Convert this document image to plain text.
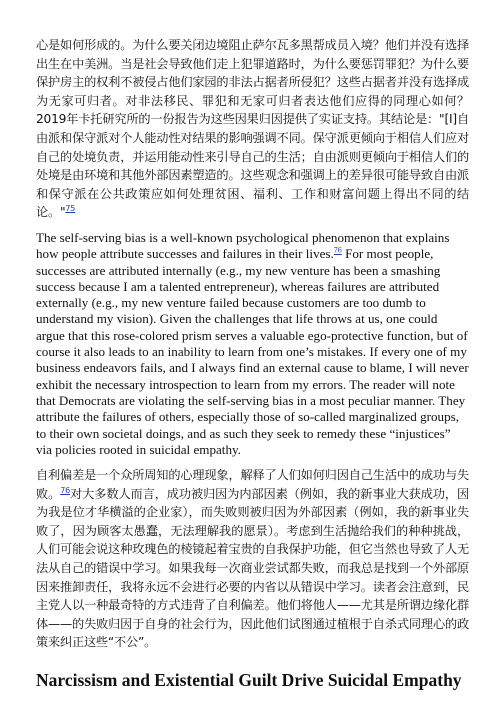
心是如何形成的。为什么要关闭边境阻止萨尔瓦多黑帮成员入境？他们并没有选择出生在中美洲。当是社会导致他们走上犯罪道路时，为什么要惩罚罪犯？为什么要保护房主的权利不被侵占他们家园的非法占据者所侵犯？这些占据者并没有选择成为无家可归者。对非法移民、罪犯和无家可归者表达他们应得的同理心如何？2019年卡托研究所的一份报告为这些因果归因提供了实证支持。其结论是："[I]自由派和保守派对个人能动性对结果的影响强调不同。保守派更倾向于相信人们应对自己的处境负责，并运用能动性来引导自己的生活；自由派则更倾向于相信人们的处境是由环境和其他外部因素塑造的。这些观念和强调上的差异很可能导致自由派和保守派在公共政策应如何处理贫困、福利、工作和财富问题上得出不同的结论。"$^{75}$

The self-serving bias is a well-known psychological phenomenon that explains how people attribute successes and failures in their lives.$^{76}$ For most people, successes are attributed internally (e.g., my new venture has been a smashing success because I am a talented entrepreneur), whereas failures are attributed externally (e.g., my new venture failed because customers are too dumb to understand my vision). Given the challenges that life throws at us, one could argue that this rose-colored prism serves a valuable ego-protective function, but of course it also leads to an inability to learn from one’s mistakes. If every one of my business endeavors fails, and I always find an external cause to blame, I will never exhibit the necessary introspection to learn from my errors. The reader will note that Democrats are violating the self-serving bias in a most peculiar manner. They attribute the failures of others, especially those of so-called marginalized groups, to their own societal doings, and as such they seek to remedy these “injustices” via policies rooted in suicidal empathy.

自利偏差是一个众所周知的心理现象，解释了人们如何归因自己生活中的成功与失败。$^{76}$对大多数人而言，成功被归因为内部因素（例如，我的新事业大获成功，因为我是位才华横溢的企业家），而失败则被归因为外部因素（例如，我的新事业失败了，因为顾客太愚蠢，无法理解我的愿景）。考虑到生活抛给我们的种种挑战，人们可能会说这种玫瑰色的棱镜起着宝贵的自我保护功能，但它当然也导致了人无法从自己的错误中学习。如果我每一次商业尝试都失败，而我总是找到一个外部原因来推卸责任，我将永远不会进行必要的内省以从错误中学习。读者会注意到，民主党人以一种最奇特的方式违背了自利偏差。他们将他人——尤其是所谓边缘化群体——的失败归因于自身的社会行为，因此他们试图通过植根于自杀式同理心的政策来纠正这些“不公”。

Narcissism and Existential Guilt Drive Suicidal Empathy
